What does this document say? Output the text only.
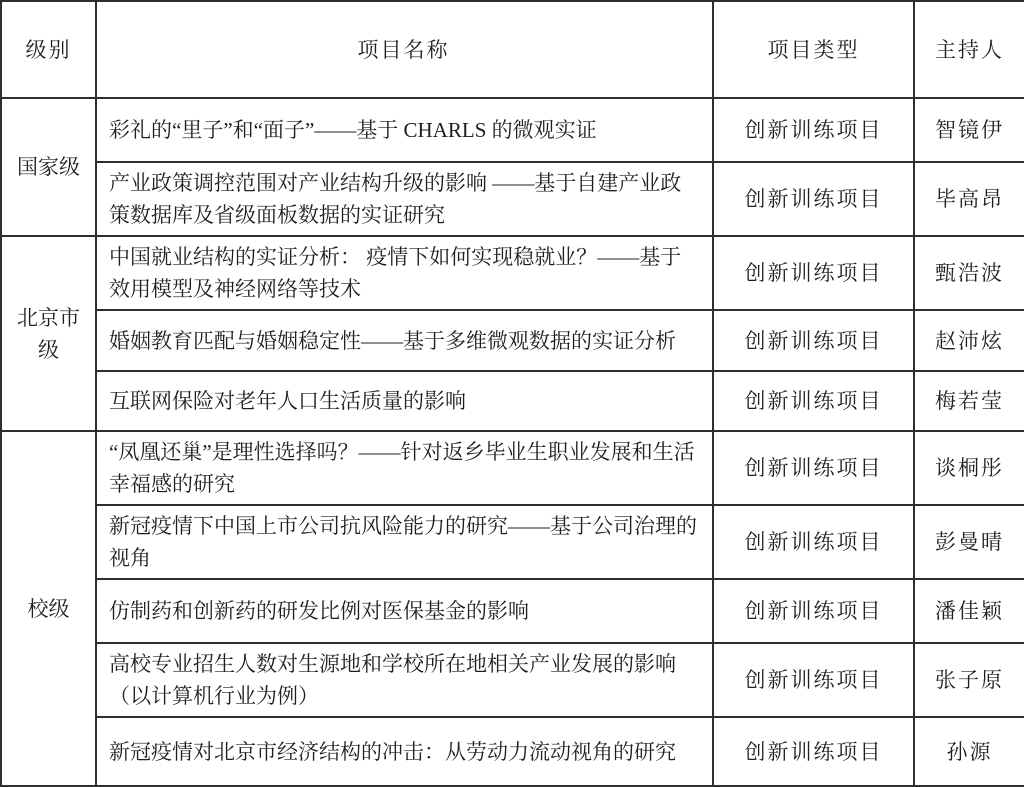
级别	项目名称	项目类型	主持人
国家级	彩礼的“里子”和“面子”——基于 CHARLS 的微观实证	创新训练项目	智镜伊
	产业政策调控范围对产业结构升级的影响 ——基于自建产业政策数据库及省级面板数据的实证研究	创新训练项目	毕高昂
北京市级	中国就业结构的实证分析： 疫情下如何实现稳就业？——基于效用模型及神经网络等技术	创新训练项目	甄浩波
	婚姻教育匹配与婚姻稳定性——基于多维微观数据的实证分析	创新训练项目	赵沛炫
	互联网保险对老年人口生活质量的影响	创新训练项目	梅若莹
校级	“凤凰还巢”是理性选择吗？——针对返乡毕业生职业发展和生活幸福感的研究	创新训练项目	谈桐彤
	新冠疫情下中国上市公司抗风险能力的研究——基于公司治理的视角	创新训练项目	彭曼晴
	仿制药和创新药的研发比例对医保基金的影响	创新训练项目	潘佳颖
	高校专业招生人数对生源地和学校所在地相关产业发展的影响（以计算机行业为例）	创新训练项目	张子原
	新冠疫情对北京市经济结构的冲击：从劳动力流动视角的研究	创新训练项目	孙源
